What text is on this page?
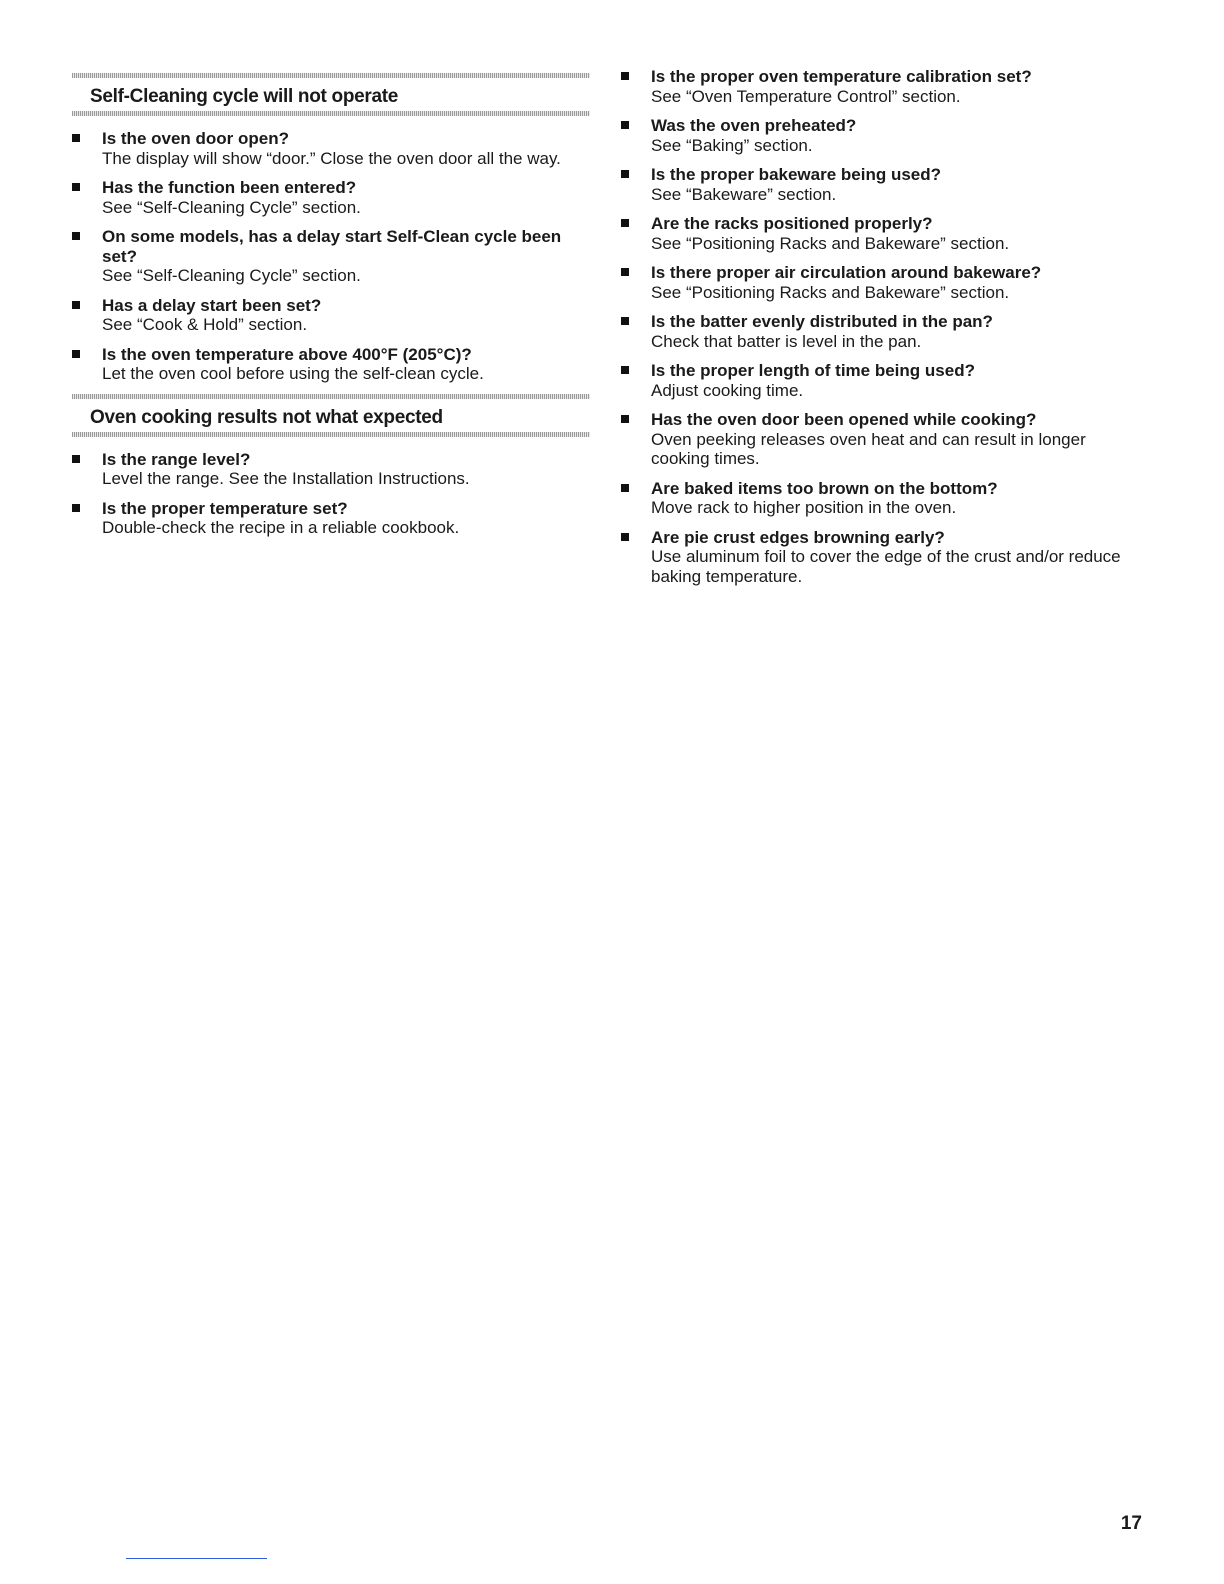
Self-Cleaning cycle will not operate
Is the oven door open?
The display will show “door.” Close the oven door all the way.
Has the function been entered?
See “Self-Cleaning Cycle” section.
On some models, has a delay start Self-Clean cycle been set?
See “Self-Cleaning Cycle” section.
Has a delay start been set?
See “Cook & Hold” section.
Is the oven temperature above 400°F (205°C)?
Let the oven cool before using the self-clean cycle.
Oven cooking results not what expected
Is the range level?
Level the range. See the Installation Instructions.
Is the proper temperature set?
Double-check the recipe in a reliable cookbook.
Is the proper oven temperature calibration set?
See “Oven Temperature Control” section.
Was the oven preheated?
See “Baking” section.
Is the proper bakeware being used?
See “Bakeware” section.
Are the racks positioned properly?
See “Positioning Racks and Bakeware” section.
Is there proper air circulation around bakeware?
See “Positioning Racks and Bakeware” section.
Is the batter evenly distributed in the pan?
Check that batter is level in the pan.
Is the proper length of time being used?
Adjust cooking time.
Has the oven door been opened while cooking?
Oven peeking releases oven heat and can result in longer cooking times.
Are baked items too brown on the bottom?
Move rack to higher position in the oven.
Are pie crust edges browning early?
Use aluminum foil to cover the edge of the crust and/or reduce baking temperature.
17
